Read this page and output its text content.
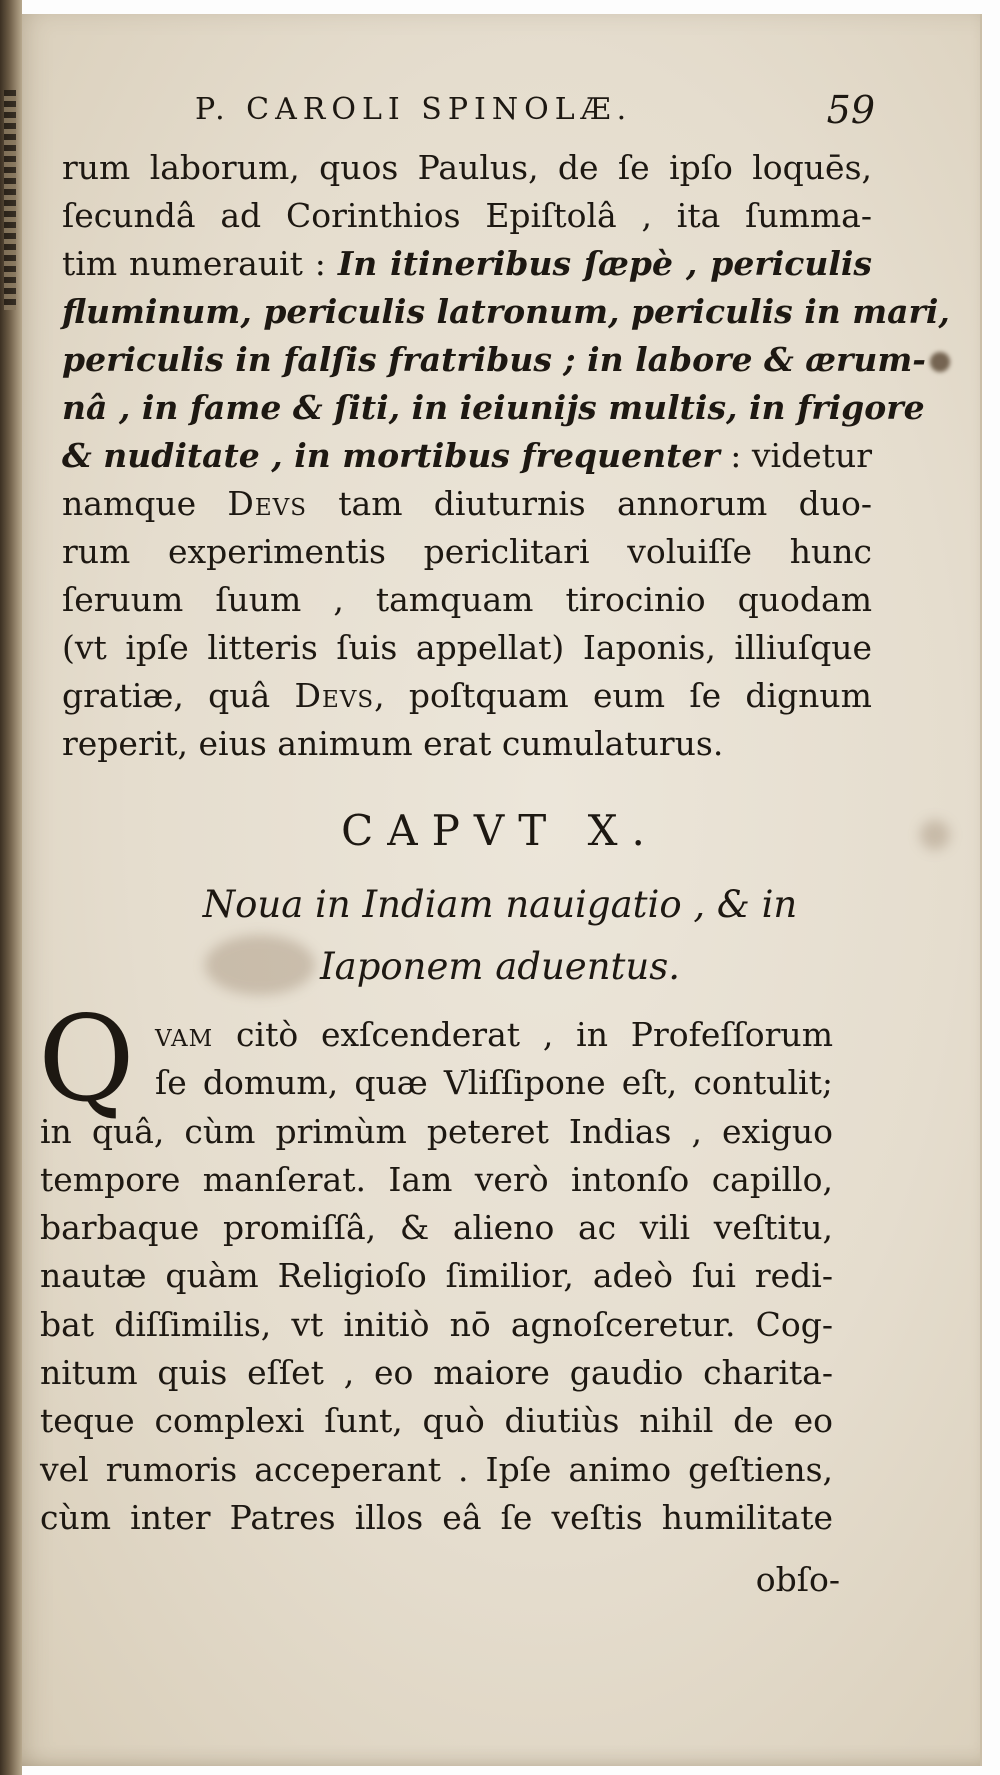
P. CAROLI SPINOLÆ.	59
rum laborum, quos Paulus, de ſe ipſo loquēs,
ſecundâ ad Corinthios Epiſtolâ , ita ſumma-
tim numerauit : In itineribus ſæpè , periculis
fluminum, periculis latronum, periculis in mari,
periculis in falſis fratribus ; in labore & ærum-
nâ , in fame & ſiti, in ieiunijs multis, in frigore
& nuditate , in mortibus frequenter : videtur
namque Devs tam diuturnis annorum duo-
rum experimentis periclitari voluiſſe hunc
ſeruum ſuum , tamquam tirocinio quodam
(vt ipſe litteris ſuis appellat) Iaponis, illiuſque
gratiæ, quâ Devs, poſtquam eum ſe dignum
reperit, eius animum erat cumulaturus.
CAPVT X.
Noua in Indiam nauigatio , & in
Iaponem aduentus.
Q vam citò exſcenderat , in Profeſſorum
ſe domum, quæ Vliſſipone eſt, contulit;
in quâ, cùm primùm peteret Indias , exiguo
tempore manſerat. Iam verò intonſo capillo,
barbaque promiſſâ, & alieno ac vili veſtitu,
nautæ quàm Religioſo ſimilior, adeò ſui redi-
bat diſſimilis, vt initiò nō agnoſceretur. Cog-
nitum quis eſſet , eo maiore gaudio charita-
teque complexi ſunt, quò diutiùs nihil de eo
vel rumoris acceperant . Ipſe animo geſtiens,
cùm inter Patres illos eâ ſe veſtis humilitate
obſo-
